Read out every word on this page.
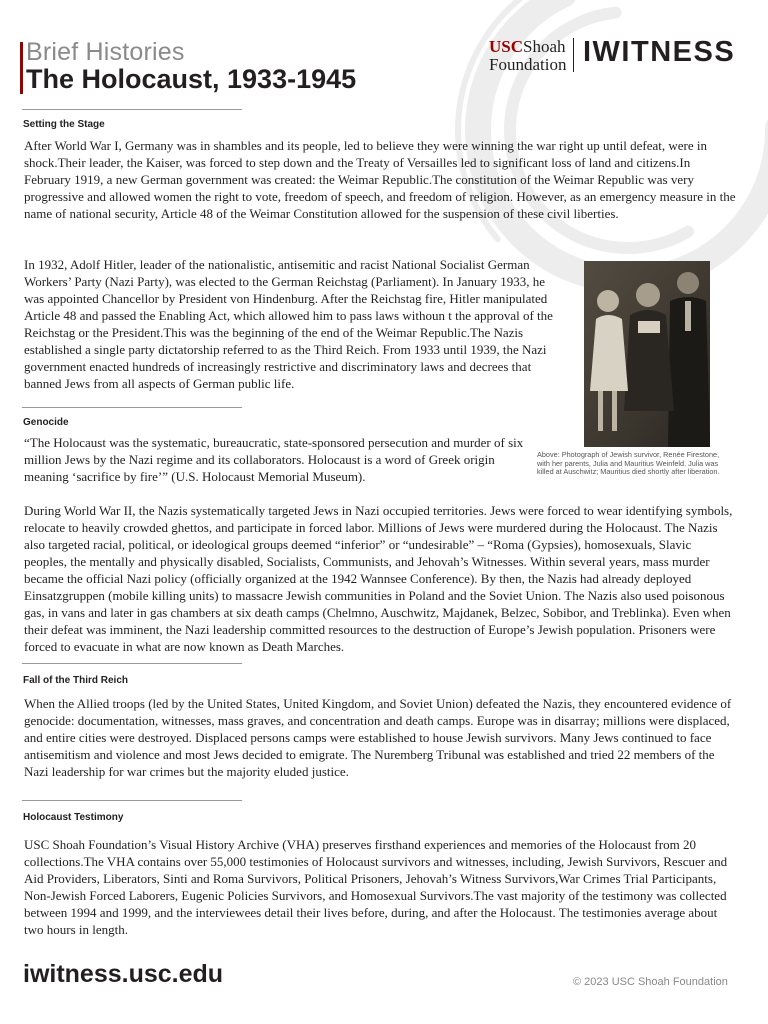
Brief Histories
The Holocaust, 1933-1945
USCShoah
Foundation IWITNESS
Setting the Stage

After World War I, Germany was in shambles and its people, led to believe they were winning the war right up until defeat, were in shock.Their leader, the Kaiser, was forced to step down and the Treaty of Versailles led to significant loss of land and citizens.In February 1919, a new German government was created: the Weimar Republic.The constitution of the Weimar Republic was very progressive and allowed women the right to vote, freedom of speech, and freedom of religion. However, as an emergency measure in the name of national security, Article 48 of the Weimar Constitution allowed for the suspension of these civil liberties.

In 1932, Adolf Hitler, leader of the nationalistic, antisemitic and racist National Socialist German Workers’ Party (Nazi Party), was elected to the German Reichstag (Parliament). In January 1933, he was appointed Chancellor by President von Hindenburg. After the Reichstag fire, Hitler manipulated Article 48 and passed the Enabling Act, which allowed him to pass laws withoun t the approval of the Reichstag or the President.This was the beginning of the end of the Weimar Republic.The Nazis established a single party dictatorship referred to as the Third Reich. From 1933 until 1939, the Nazi government enacted hundreds of increasingly restrictive and discriminatory laws and decrees that banned Jews from all aspects of German public life.

Above: Photograph of Jewish survivor, Renée Firestone, with her parents, Julia and Mauritius Weinfeld. Julia was killed at Auschwitz; Mauritius died shortly after liberation.

Genocide

“The Holocaust was the systematic, bureaucratic, state-sponsored persecution and murder of six million Jews by the Nazi regime and its collaborators. Holocaust is a word of Greek origin meaning ‘sacrifice by fire’” (U.S. Holocaust Memorial Museum).

During World War II, the Nazis systematically targeted Jews in Nazi occupied territories. Jews were forced to wear identifying symbols, relocate to heavily crowded ghettos, and participate in forced labor. Millions of Jews were murdered during the Holocaust. The Nazis also targeted racial, political, or ideological groups deemed “inferior” or “undesirable” – “Roma (Gypsies), homosexuals, Slavic peoples, the mentally and physically disabled, Socialists, Communists, and Jehovah’s Witnesses. Within several years, mass murder became the official Nazi policy (officially organized at the 1942 Wannsee Conference). By then, the Nazis had already deployed Einsatzgruppen (mobile killing units) to massacre Jewish communities in Poland and the Soviet Union. The Nazis also used poisonous gas, in vans and later in gas chambers at six death camps (Chelmno, Auschwitz, Majdanek, Belzec, Sobibor, and Treblinka). Even when their defeat was imminent, the Nazi leadership committed resources to the destruction of Europe’s Jewish population. Prisoners were forced to evacuate in what are now known as Death Marches.

Fall of the Third Reich

When the Allied troops (led by the United States, United Kingdom, and Soviet Union) defeated the Nazis, they encountered evidence of genocide: documentation, witnesses, mass graves, and concentration and death camps. Europe was in disarray; millions were displaced, and entire cities were destroyed. Displaced persons camps were established to house Jewish survivors. Many Jews continued to face antisemitism and violence and most Jews decided to emigrate. The Nuremberg Tribunal was established and tried 22 members of the Nazi leadership for war crimes but the majority eluded justice.

Holocaust Testimony

USC Shoah Foundation’s Visual History Archive (VHA) preserves firsthand experiences and memories of the Holocaust from 20 collections.The VHA contains over 55,000 testimonies of Holocaust survivors and witnesses, including, Jewish Survivors, Rescuer and Aid Providers, Liberators, Sinti and Roma Survivors, Political Prisoners, Jehovah’s Witness Survivors,War Crimes Trial Participants, Non-Jewish Forced Laborers, Eugenic Policies Survivors, and Homosexual Survivors.The vast majority of the testimony was collected between 1994 and 1999, and the interviewees detail their lives before, during, and after the Holocaust. The testimonies average about two hours in length.

iwitness.usc.edu	© 2023 USC Shoah Foundation
